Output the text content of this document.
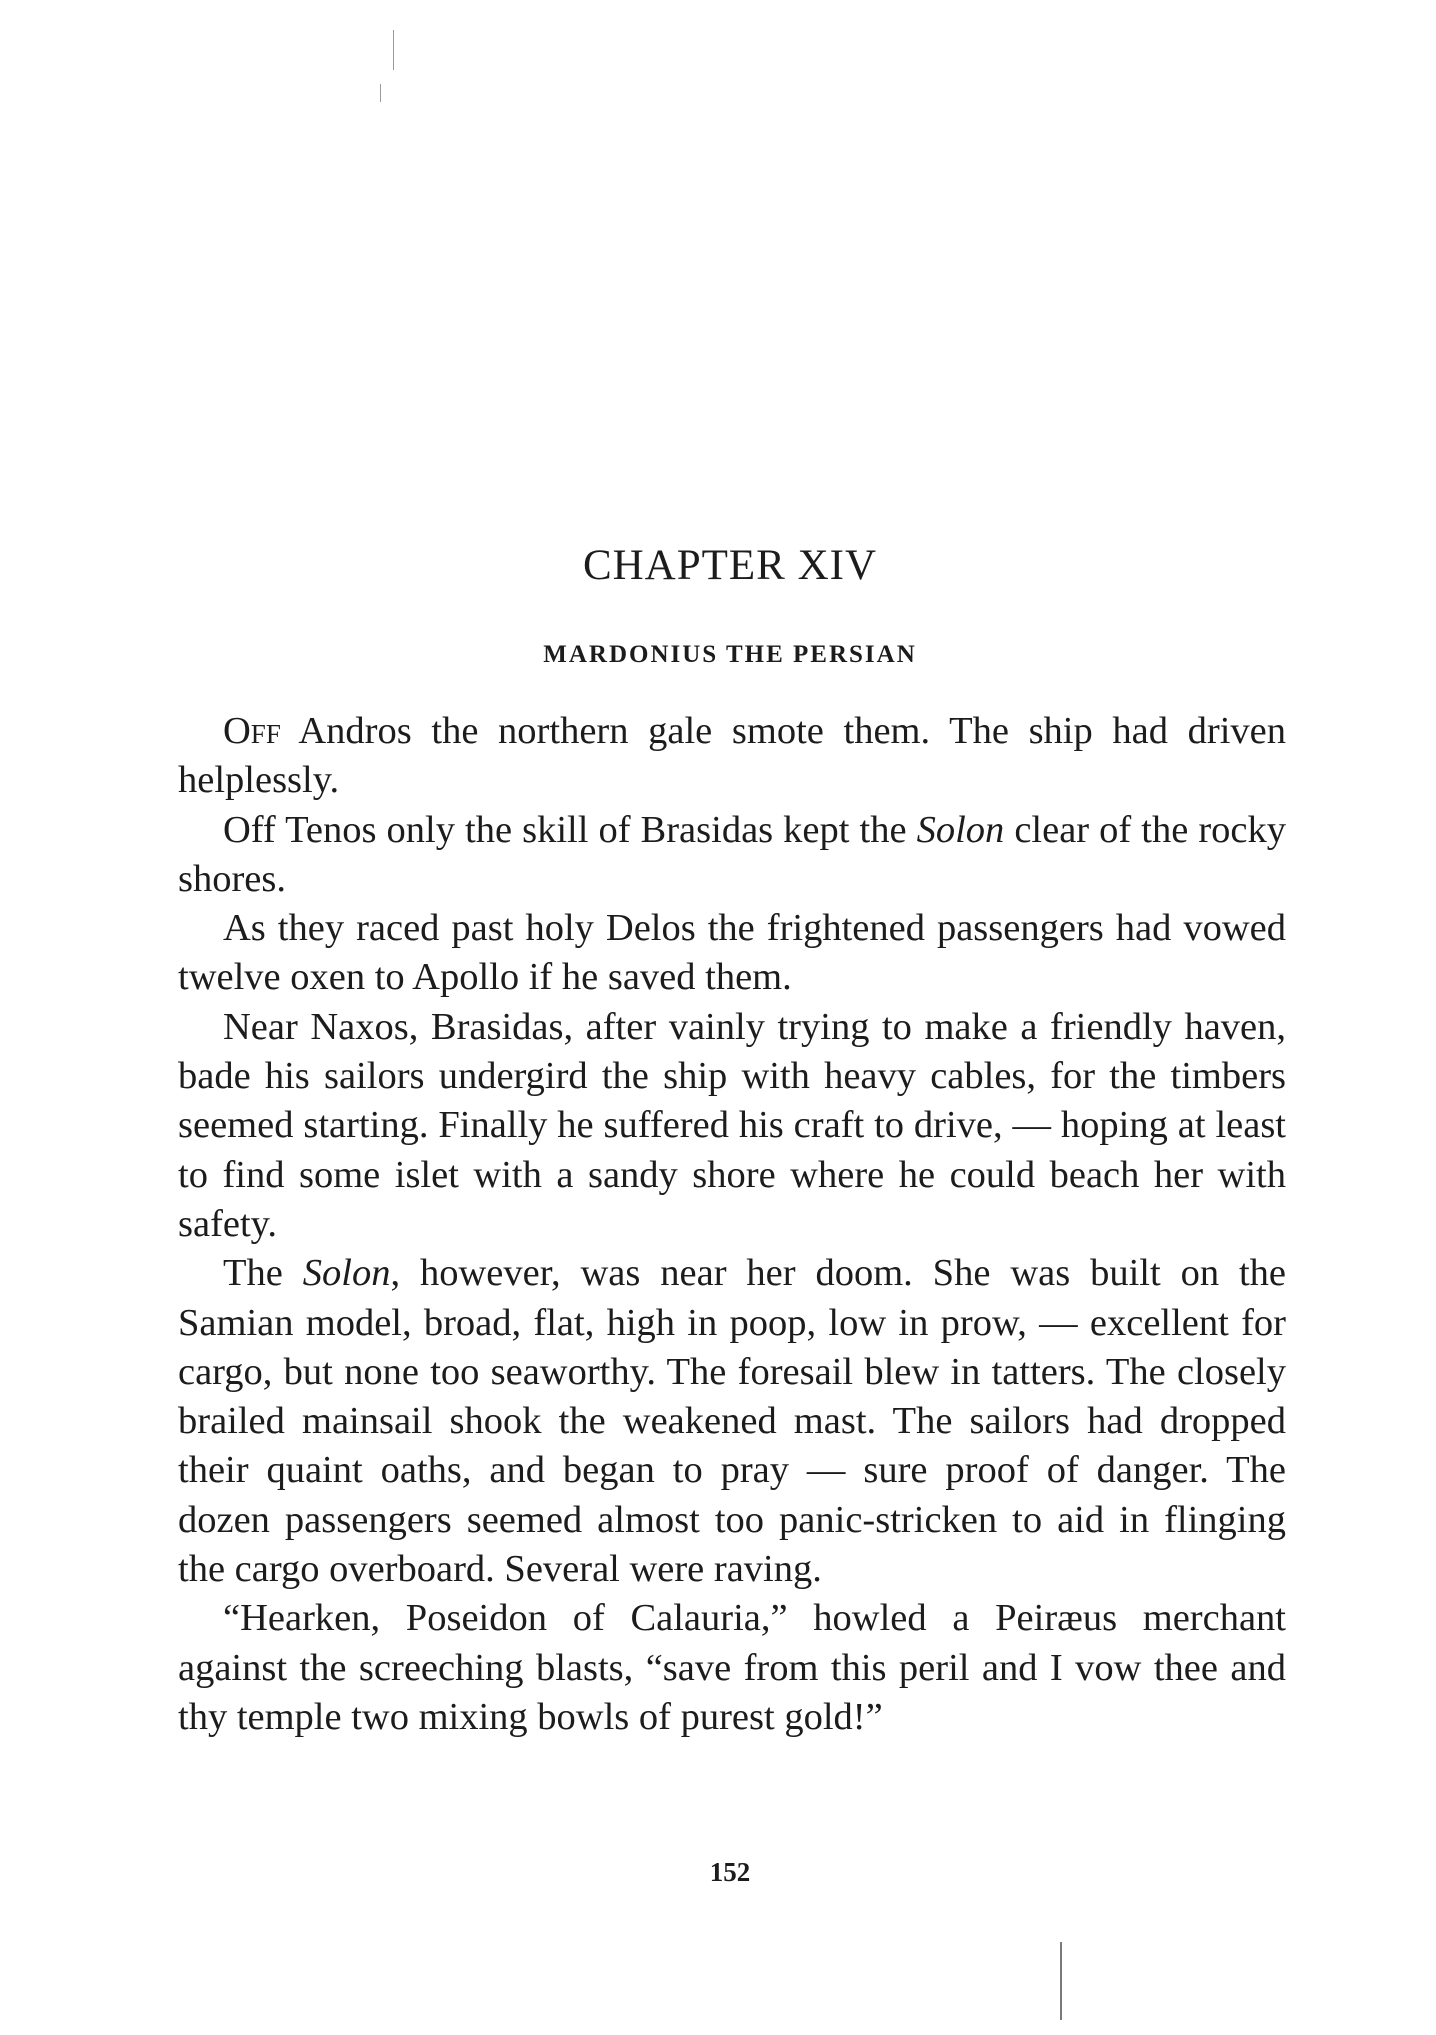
CHAPTER XIV
MARDONIUS THE PERSIAN

Off Andros the northern gale smote them. The ship had driven helplessly.

Off Tenos only the skill of Brasidas kept the Solon clear of the rocky shores.

As they raced past holy Delos the frightened passengers had vowed twelve oxen to Apollo if he saved them.

Near Naxos, Brasidas, after vainly trying to make a friendly haven, bade his sailors undergird the ship with heavy cables, for the timbers seemed starting. Finally he suffered his craft to drive, — hoping at least to find some islet with a sandy shore where he could beach her with safety.

The Solon, however, was near her doom. She was built on the Samian model, broad, flat, high in poop, low in prow, — excellent for cargo, but none too seaworthy. The foresail blew in tatters. The closely brailed mainsail shook the weakened mast. The sailors had dropped their quaint oaths, and began to pray — sure proof of danger. The dozen passengers seemed almost too panic-stricken to aid in flinging the cargo overboard. Several were raving.

“Hearken, Poseidon of Calauria,” howled a Peiræus merchant against the screeching blasts, “save from this peril and I vow thee and thy temple two mixing bowls of purest gold!”

152
